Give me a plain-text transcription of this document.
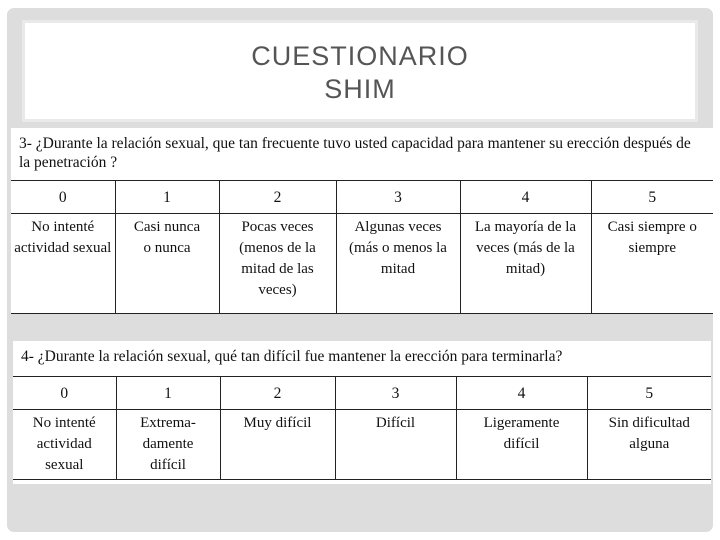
CUESTIONARIO
SHIM
3- ¿Durante la relación sexual, que tan frecuente tuvo usted capacidad para mantener su erección después de la penetración ?
0	1	2	3	4	5
No intenté actividad sexual	Casi nunca o nunca	Pocas veces (menos de la mitad de las veces)	Algunas veces (más o menos la mitad	La mayoría de la veces (más de la mitad)	Casi siempre o siempre
4- ¿Durante la relación sexual, qué tan difícil fue mantener la erección para terminarla?
0	1	2	3	4	5
No intenté actividad sexual	Extrema-damente difícil	Muy difícil	Difícil	Ligeramente difícil	Sin dificultad alguna
